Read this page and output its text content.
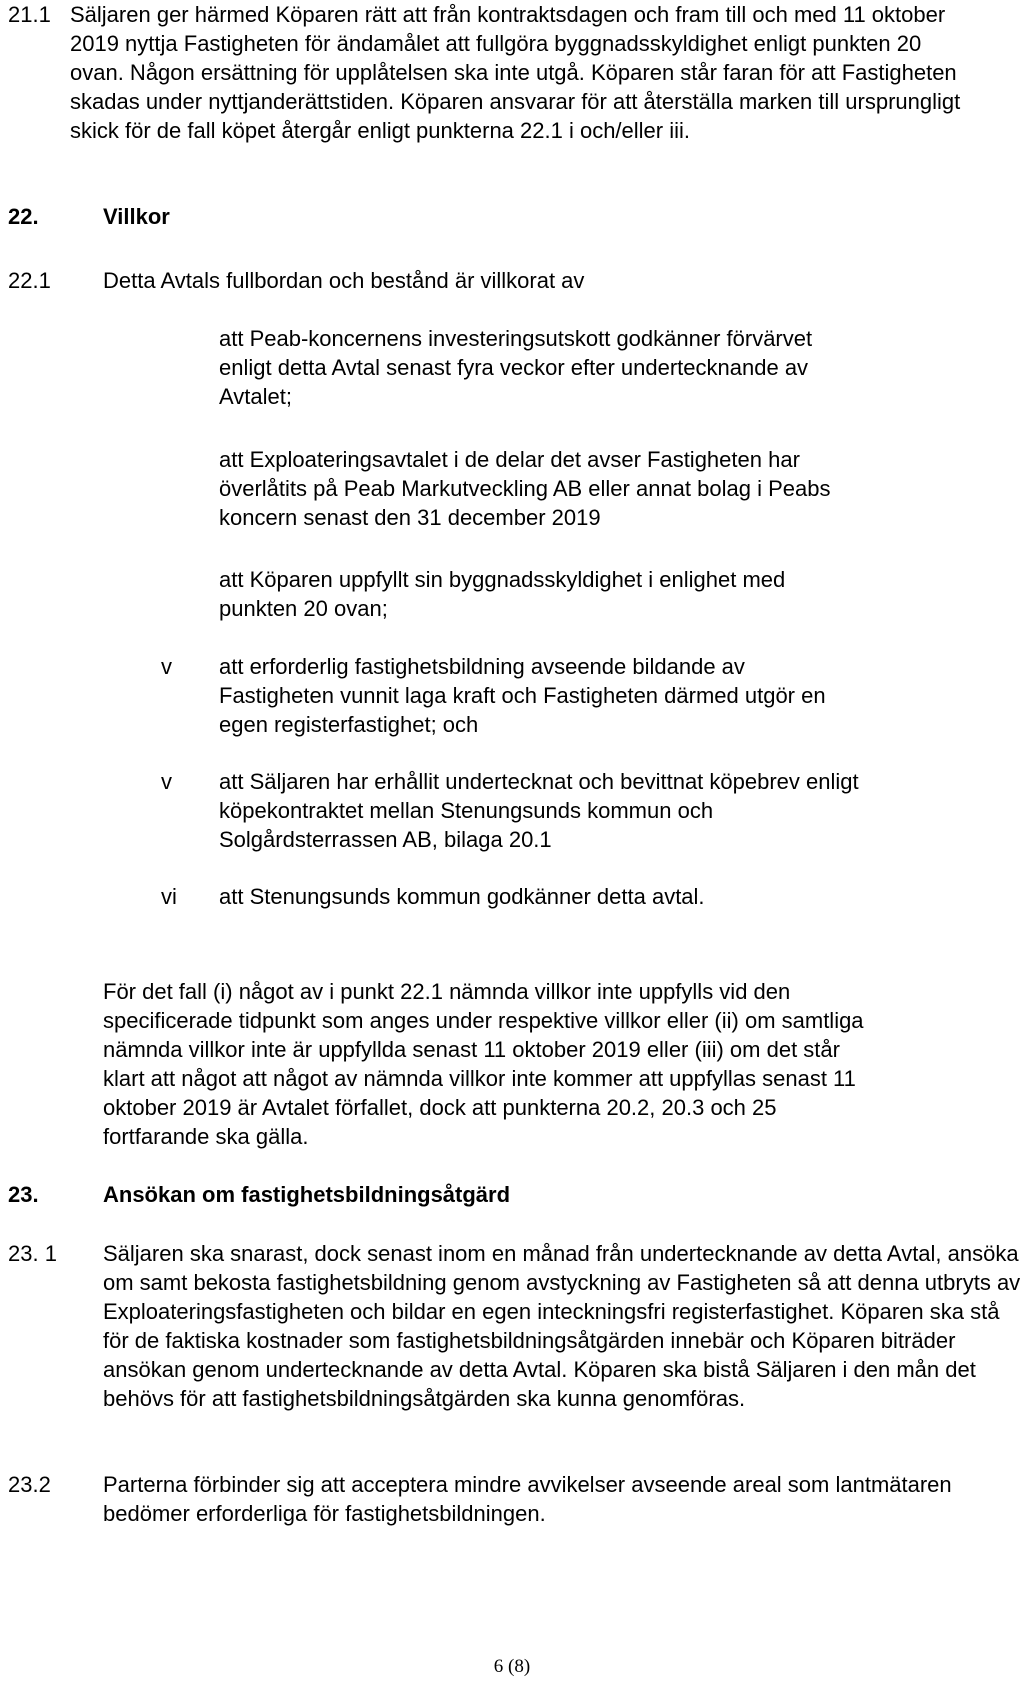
21.1 Säljaren ger härmed Köparen rätt att från kontraktsdagen och fram till och med 11 oktober 2019 nyttja Fastigheten för ändamålet att fullgöra byggnadsskyldighet enligt punkten 20 ovan. Någon ersättning för upplåtelsen ska inte utgå. Köparen står faran för att Fastigheten skadas under nyttjanderättstiden. Köparen ansvarar för att återställa marken till ursprungligt skick för de fall köpet återgår enligt punkterna 22.1 i och/eller iii.

22.	Villkor

22.1 Detta Avtals fullbordan och bestånd är villkorat av

att Peab-koncernens investeringsutskott godkänner förvärvet enligt detta Avtal senast fyra veckor efter undertecknande av Avtalet;

att Exploateringsavtalet i de delar det avser Fastigheten har överlåtits på Peab Markutveckling AB eller annat bolag i Peabs koncern senast den 31 december 2019

att Köparen uppfyllt sin byggnadsskyldighet i enlighet med punkten 20 ovan;

v att erforderlig fastighetsbildning avseende bildande av Fastigheten vunnit laga kraft och Fastigheten därmed utgör en egen registerfastighet; och

v att Säljaren har erhållit undertecknat och bevittnat köpebrev enligt köpekontraktet mellan Stenungsunds kommun och Solgårdsterrassen AB, bilaga 20.1

vi att Stenungsunds kommun godkänner detta avtal.

För det fall (i) något av i punkt 22.1 nämnda villkor inte uppfylls vid den specificerade tidpunkt som anges under respektive villkor eller (ii) om samtliga nämnda villkor inte är uppfyllda senast 11 oktober 2019 eller (iii) om det står klart att något att något av nämnda villkor inte kommer att uppfyllas senast 11 oktober 2019 är Avtalet förfallet, dock att punkterna 20.2, 20.3 och 25 fortfarande ska gälla.

23.	Ansökan om fastighetsbildningsåtgärd

23. 1 Säljaren ska snarast, dock senast inom en månad från undertecknande av detta Avtal, ansöka om samt bekosta fastighetsbildning genom avstyckning av Fastigheten så att denna utbryts av Exploateringsfastigheten och bildar en egen inteckningsfri registerfastighet. Köparen ska stå för de faktiska kostnader som fastighetsbildningsåtgärden innebär och Köparen biträder ansökan genom undertecknande av detta Avtal. Köparen ska bistå Säljaren i den mån det behövs för att fastighetsbildningsåtgärden ska kunna genomföras.

23.2 Parterna förbinder sig att acceptera mindre avvikelser avseende areal som lantmätaren bedömer erforderliga för fastighetsbildningen.

6 (8)
